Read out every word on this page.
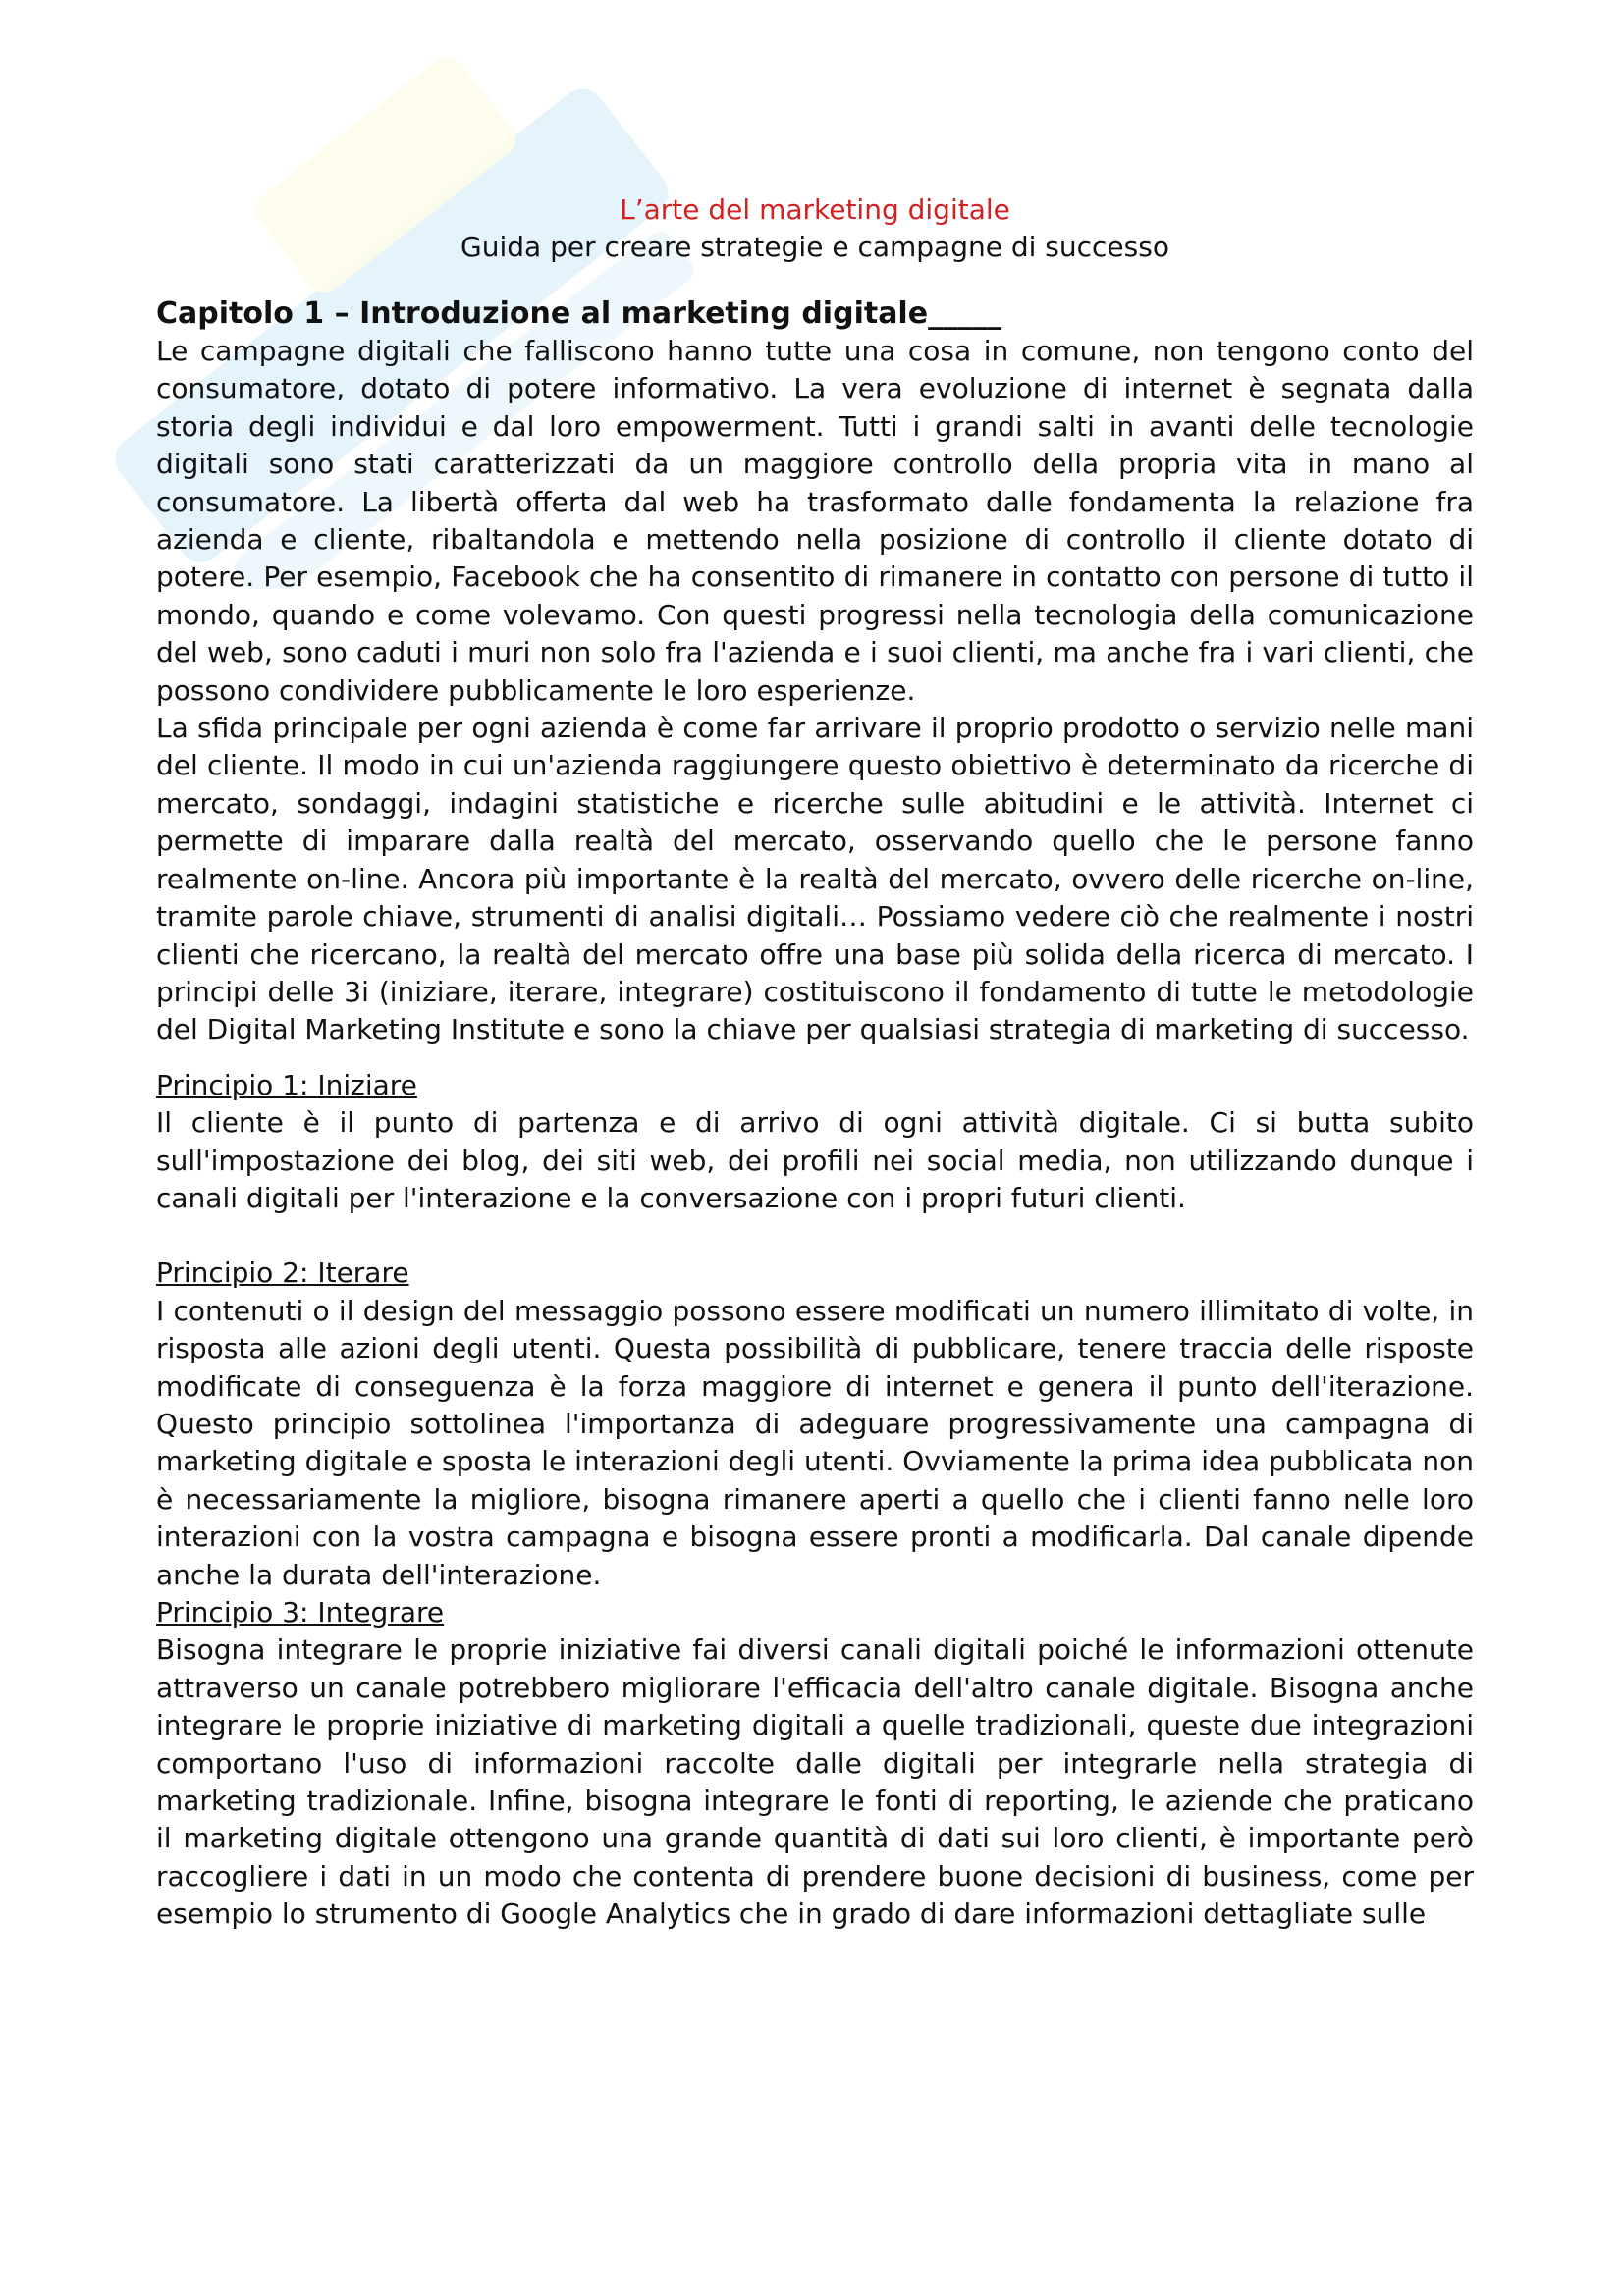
L’arte del marketing digitale

Guida per creare strategie e campagne di successo

Capitolo 1 – Introduzione al marketing digitale_____

Le campagne digitali che falliscono hanno tutte una cosa in comune, non tengono conto del consumatore, dotato di potere informativo. La vera evoluzione di internet è segnata dalla storia degli individui e dal loro empowerment. Tutti i grandi salti in avanti delle tecnologie digitali sono stati caratterizzati da un maggiore controllo della propria vita in mano al consumatore. La libertà offerta dal web ha trasformato dalle fondamenta la relazione fra azienda e cliente, ribaltandola e mettendo nella posizione di controllo il cliente dotato di potere. Per esempio, Facebook che ha consentito di rimanere in contatto con persone di tutto il mondo, quando e come volevamo. Con questi progressi nella tecnologia della comunicazione del web, sono caduti i muri non solo fra l'azienda e i suoi clienti, ma anche fra i vari clienti, che possono condividere pubblicamente le loro esperienze.

La sfida principale per ogni azienda è come far arrivare il proprio prodotto o servizio nelle mani del cliente. Il modo in cui un'azienda raggiungere questo obiettivo è determinato da ricerche di mercato, sondaggi, indagini statistiche e ricerche sulle abitudini e le attività. Internet ci permette di imparare dalla realtà del mercato, osservando quello che le persone fanno realmente on-line. Ancora più importante è la realtà del mercato, ovvero delle ricerche on-line, tramite parole chiave, strumenti di analisi digitali… Possiamo vedere ciò che realmente i nostri clienti che ricercano, la realtà del mercato offre una base più solida della ricerca di mercato. I principi delle 3i (iniziare, iterare, integrare) costituiscono il fondamento di tutte le metodologie del Digital Marketing Institute e sono la chiave per qualsiasi strategia di marketing di successo.

Principio 1: Iniziare

Il cliente è il punto di partenza e di arrivo di ogni attività digitale. Ci si butta subito sull'impostazione dei blog, dei siti web, dei profili nei social media, non utilizzando dunque i canali digitali per l'interazione e la conversazione con i propri futuri clienti.

Principio 2: Iterare

I contenuti o il design del messaggio possono essere modificati un numero illimitato di volte, in risposta alle azioni degli utenti. Questa possibilità di pubblicare, tenere traccia delle risposte modificate di conseguenza è la forza maggiore di internet e genera il punto dell'iterazione. Questo principio sottolinea l'importanza di adeguare progressivamente una campagna di marketing digitale e sposta le interazioni degli utenti. Ovviamente la prima idea pubblicata non è necessariamente la migliore, bisogna rimanere aperti a quello che i clienti fanno nelle loro interazioni con la vostra campagna e bisogna essere pronti a modificarla. Dal canale dipende anche la durata dell'interazione.

Principio 3: Integrare

Bisogna integrare le proprie iniziative fai diversi canali digitali poiché le informazioni ottenute attraverso un canale potrebbero migliorare l'efficacia dell'altro canale digitale. Bisogna anche integrare le proprie iniziative di marketing digitali a quelle tradizionali, queste due integrazioni comportano l'uso di informazioni raccolte dalle digitali per integrarle nella strategia di marketing tradizionale. Infine, bisogna integrare le fonti di reporting, le aziende che praticano il marketing digitale ottengono una grande quantità di dati sui loro clienti, è importante però raccogliere i dati in un modo che contenta di prendere buone decisioni di business, come per esempio lo strumento di Google Analytics che in grado di dare informazioni dettagliate sulle
